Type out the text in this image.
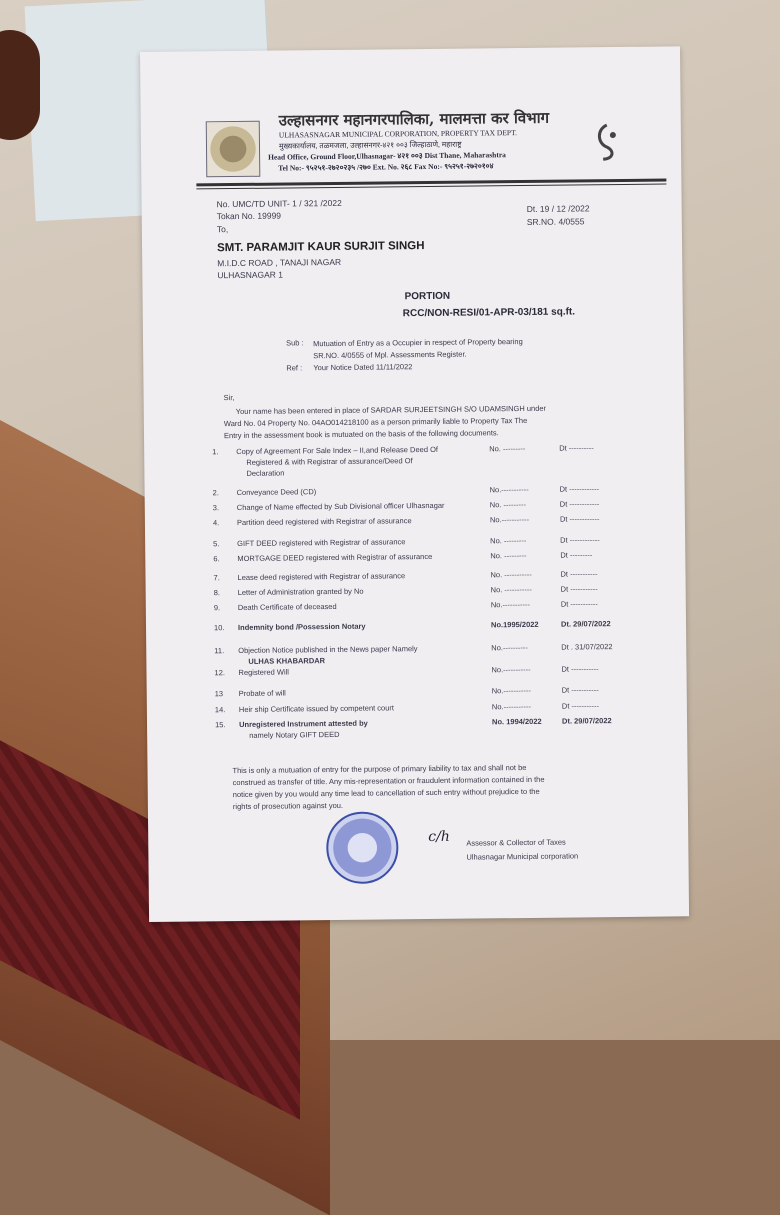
उल्हासनगर महानगरपालिका, मालमत्ता कर विभाग
ULHASASNAGAR MUNICIPAL CORPORATION, PROPERTY TAX DEPT.
मुख्यकार्यालय, तळमजला, उल्हासनगर-४२१ ००३ जिल्हाठाणे, महाराष्ट्र
Head Office, Ground Floor,Ulhasnagar- ४२१ ००३ Dist Thane, Maharashtra
Tel No:- ९५२५१-२७२०२३५ /२७० Ext. No. २६८ Fax No:- ९५२५१-२७२०१०४
No. UMC/TD UNIT- 1 / 321 /2022
Tokan No. 19999
To,
Dt. 19 / 12 /2022
SR.NO. 4/0555
SMT. PARAMJIT KAUR SURJIT SINGH
M.I.D.C ROAD , TANAJI NAGAR
ULHASNAGAR 1
PORTION
RCC/NON-RESI/01-APR-03/181 sq.ft.
Sub : Mutuation of Entry as a Occupier in respect of Property bearing
SR.NO. 4/0555 of Mpl. Assessments Register.
Ref : Your Notice Dated 11/11/2022
Sir,
Your name has been entered in place of SARDAR SURJEETSINGH S/O UDAMSINGH under
Ward No. 04 Property No. 04AO014218100 as a person primarily liable to Property Tax The
Entry in the assessment book is mutuated on the basis of the following documents.
1. Copy of Agreement For Sale Index – II,and Release Deed Of
Registered & with Registrar of assurance/Deed Of
Declaration
No. ---------	Dt ----------
2. Conveyance Deed (CD)	No.-----------	Dt ------------
3. Change of Name effected by Sub Divisional officer Ulhasnagar	No. ---------	Dt ------------
4. Partition deed registered with Registrar of assurance	No.-----------	Dt ------------
5. GIFT DEED registered with Registrar of assurance	No. ---------	Dt ------------
6. MORTGAGE DEED registered with Registrar of assurance	No. ---------	Dt ---------
7. Lease deed registered with Registrar of assurance	No. -----------	Dt -----------
8. Letter of Administration granted by No	No. -----------	Dt -----------
9. Death Certificate of deceased	No.-----------	Dt -----------
10. Indemnity bond /Possession Notary	No.1995/2022	Dt. 29/07/2022
11. Objection Notice published in the News paper Namely
ULHAS KHABARDAR
No.----------	Dt . 31/07/2022
12. Registered Will	No.-----------	Dt -----------
13 Probate of will	No.-----------	Dt -----------
14. Heir ship Certificate issued by competent court	No.-----------	Dt -----------
15. Unregistered Instrument attested by
namely Notary GIFT DEED
No. 1994/2022	Dt. 29/07/2022
This is only a mutuation of entry for the purpose of primary liability to tax and shall not be
construed as transfer of title. Any mis-representation or fraudulent information contained in the
notice given by you would any time lead to cancellation of such entry without prejudice to the
rights of prosecution against you.
c/h Assessor & Collector of Taxes
Ulhasnagar Municipal corporation
